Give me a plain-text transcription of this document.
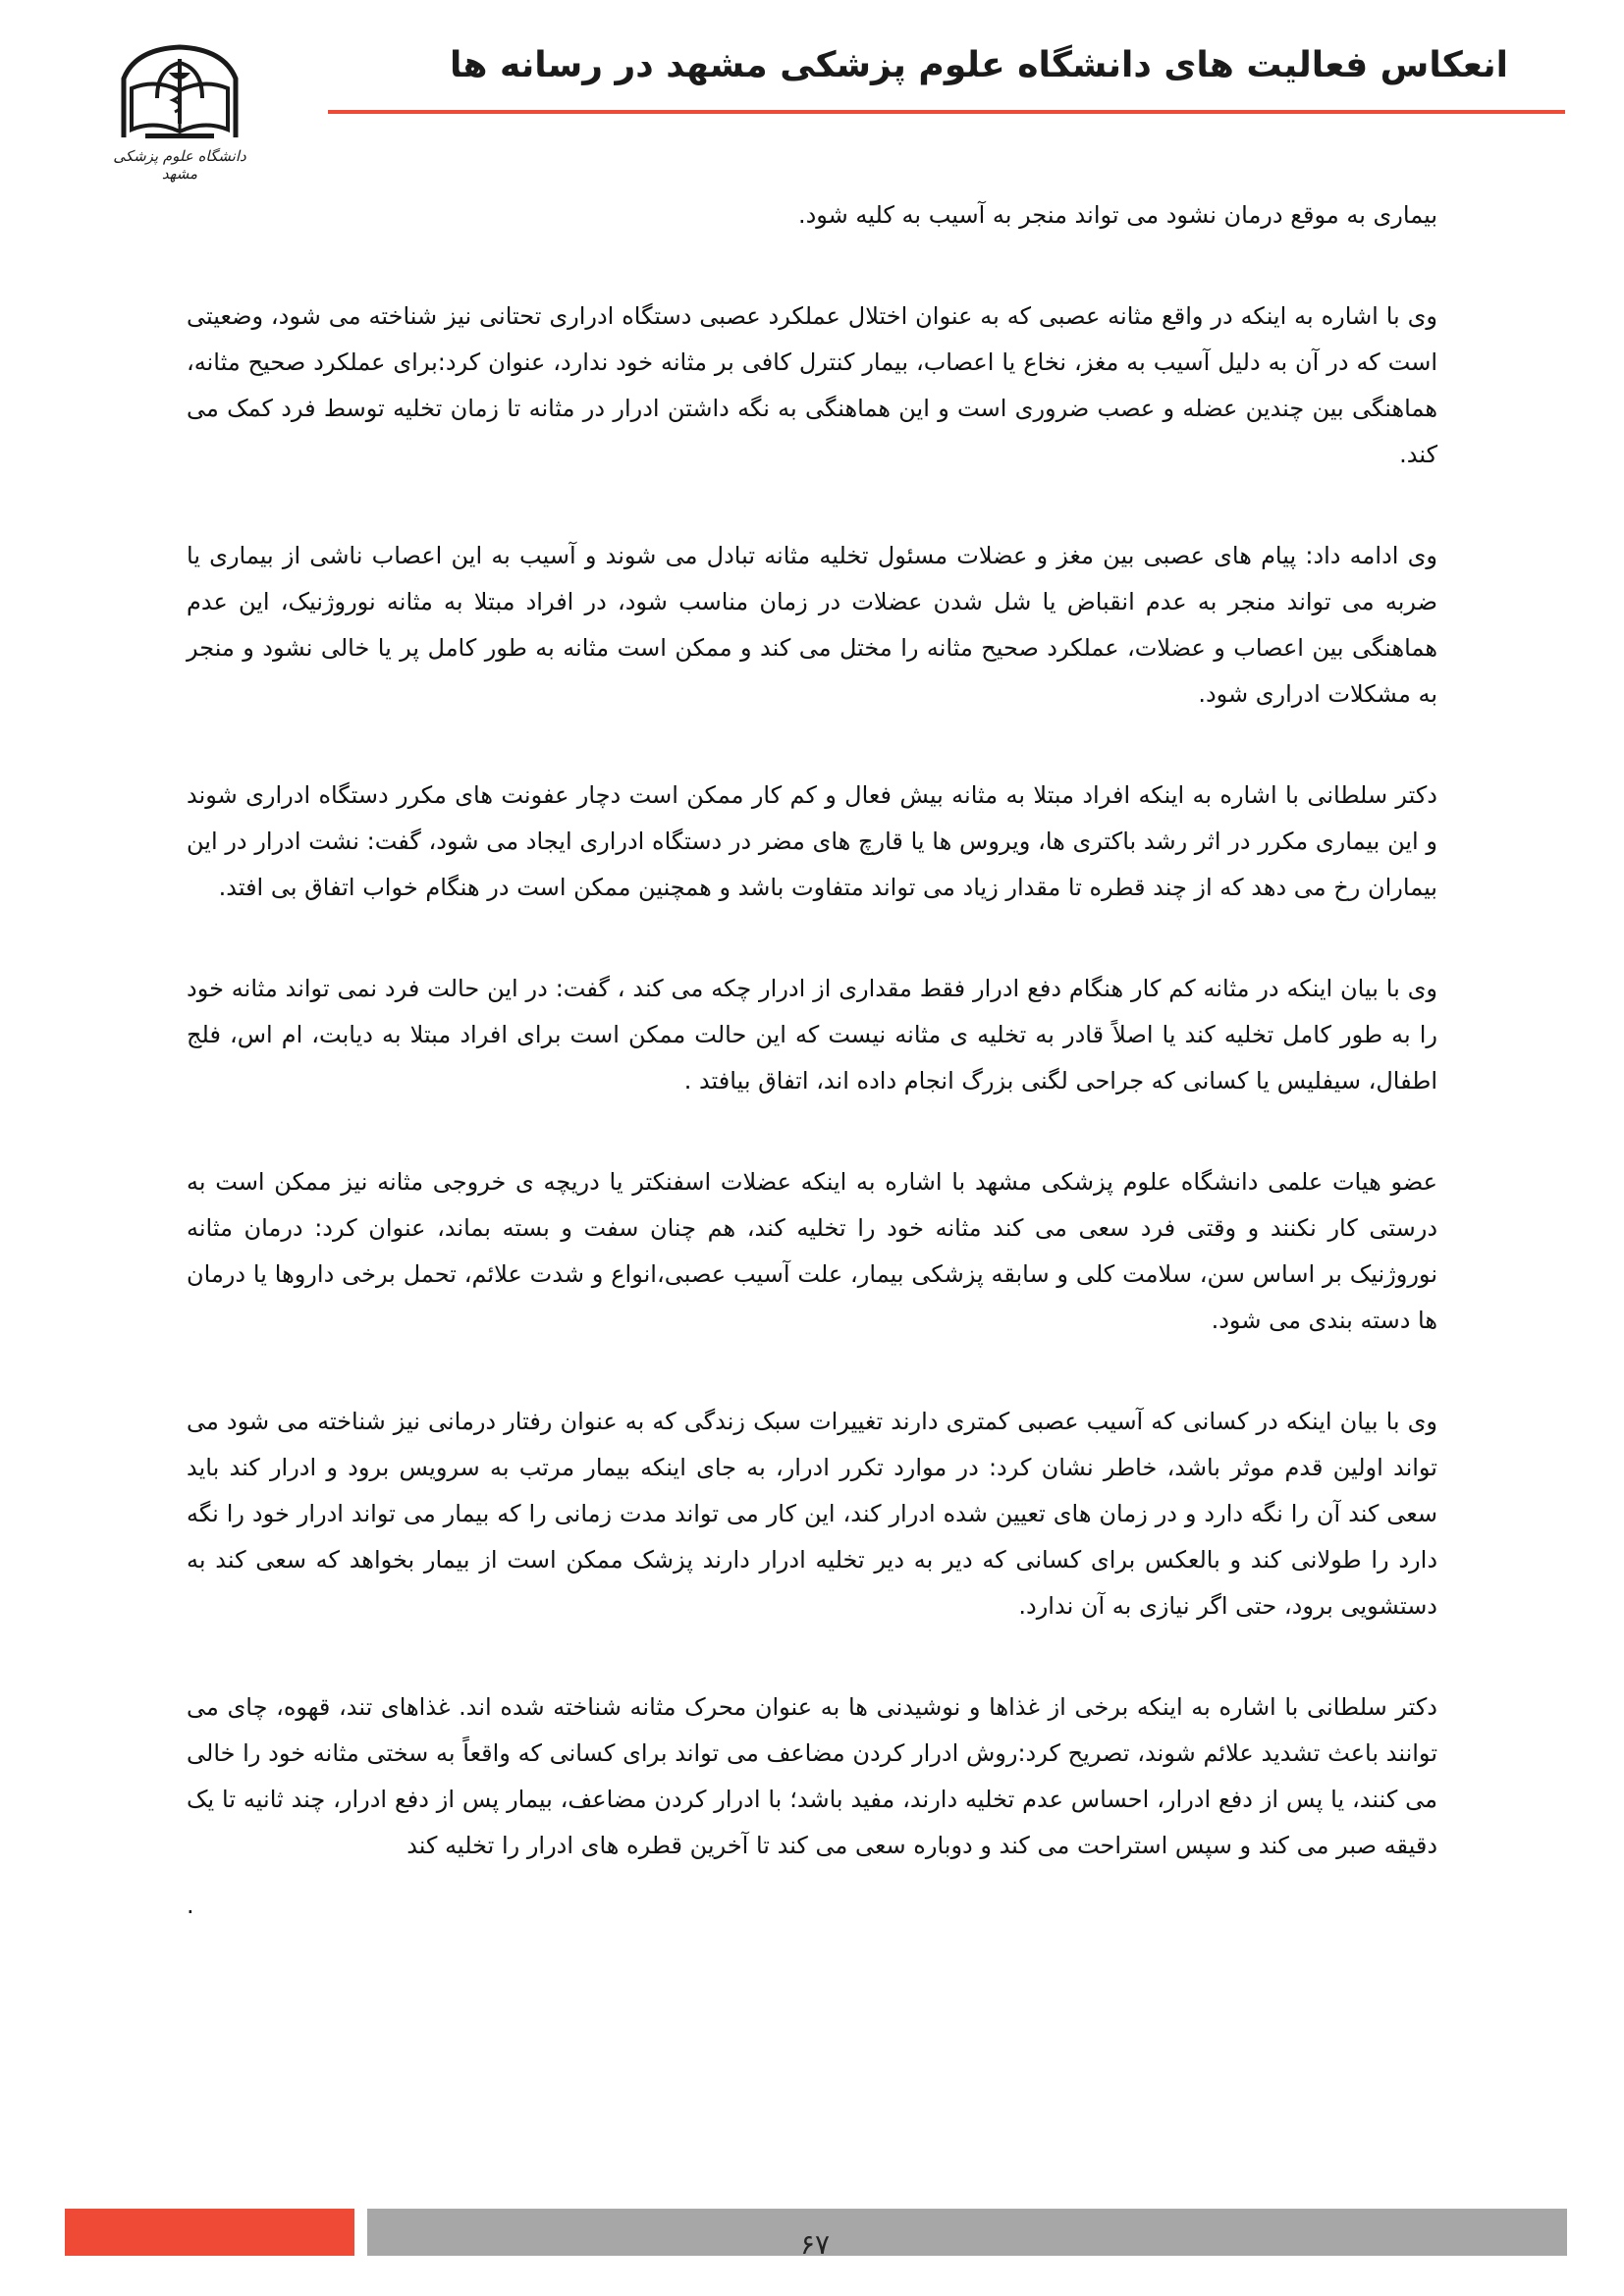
دانشگاه علوم پزشکی مشهد
انعکاس فعالیت های دانشگاه علوم پزشکی مشهد در رسانه ها

بیماری به موقع درمان نشود می تواند منجر به آسیب به کلیه شود.

وی با اشاره به اینکه در واقع مثانه عصبی که به عنوان اختلال عملکرد عصبی دستگاه ادراری تحتانی نیز شناخته می شود، وضعیتی است که در آن به دلیل آسیب به مغز، نخاع یا اعصاب، بیمار کنترل کافی بر مثانه خود ندارد، عنوان کرد:برای عملکرد صحیح مثانه، هماهنگی بین چندین عضله و عصب ضروری است و این هماهنگی به نگه داشتن ادرار در مثانه تا زمان تخلیه توسط فرد کمک می کند.

وی ادامه داد: پیام های عصبی بین مغز و عضلات مسئول تخلیه مثانه تبادل می شوند و آسیب به این اعصاب ناشی از بیماری یا ضربه می تواند منجر به عدم انقباض یا شل شدن عضلات در زمان مناسب شود، در افراد مبتلا به مثانه نوروژنیک، این عدم هماهنگی بین اعصاب و عضلات، عملکرد صحیح مثانه را مختل می کند و ممکن است مثانه به طور کامل پر یا خالی نشود و منجر به مشکلات ادراری شود.

دکتر سلطانی با اشاره به اینکه افراد مبتلا به مثانه بیش فعال و کم کار ممکن است دچار عفونت های مکرر دستگاه ادراری شوند و این بیماری مکرر در اثر رشد باکتری ها، ویروس ها یا قارچ های مضر در دستگاه ادراری ایجاد می شود، گفت: نشت ادرار در این بیماران رخ می دهد که از چند قطره تا مقدار زیاد می تواند متفاوت باشد و همچنین ممکن است در هنگام خواب اتفاق بی افتد.

وی با بیان اینکه در مثانه کم کار هنگام دفع ادرار فقط مقداری از ادرار چکه می کند ، گفت: در این حالت فرد نمی تواند مثانه خود را به طور کامل تخلیه کند یا اصلاً قادر به تخلیه ی مثانه نیست که این حالت ممکن است برای افراد مبتلا به دیابت، ام اس، فلج اطفال، سیفلیس یا کسانی که جراحی لگنی بزرگ انجام داده اند، اتفاق بیافتد .

عضو هیات علمی دانشگاه علوم پزشکی مشهد با اشاره به اینکه عضلات اسفنکتر یا دریچه ی خروجی مثانه نیز ممکن است به درستی کار نکنند و وقتی فرد سعی می کند مثانه خود را تخلیه کند، هم چنان سفت و بسته بماند، عنوان کرد: درمان مثانه نوروژنیک بر اساس سن، سلامت کلی و سابقه پزشکی بیمار، علت آسیب عصبی،انواع و شدت علائم، تحمل برخی داروها یا درمان ها دسته بندی می شود.

وی با بیان اینکه در کسانی که آسیب عصبی کمتری دارند تغییرات سبک زندگی که به عنوان رفتار درمانی نیز شناخته می شود می تواند اولین قدم موثر باشد، خاطر نشان کرد: در موارد تکرر ادرار، به جای اینکه بیمار مرتب به سرویس برود و ادرار کند باید سعی کند آن را نگه دارد و در زمان های تعیین شده ادرار کند، این کار می تواند مدت زمانی را که بیمار می تواند ادرار خود را نگه دارد را طولانی کند و بالعکس برای کسانی که دیر به دیر تخلیه ادرار دارند پزشک ممکن است از بیمار بخواهد که سعی کند به دستشویی برود، حتی اگر نیازی به آن ندارد.

دکتر سلطانی با اشاره به اینکه برخی از غذاها و نوشیدنی ها به عنوان محرک مثانه شناخته شده اند. غذاهای تند، قهوه، چای می توانند باعث تشدید علائم شوند، تصریح کرد:روش ادرار کردن مضاعف می تواند برای کسانی که واقعاً به سختی مثانه خود را خالی می کنند، یا پس از دفع ادرار، احساس عدم تخلیه دارند، مفید باشد؛ با ادرار کردن مضاعف، بیمار پس از دفع ادرار، چند ثانیه تا یک دقیقه صبر می کند و سپس استراحت می کند و دوباره سعی می کند تا آخرین قطره های ادرار را تخلیه کند

.

۶۷
